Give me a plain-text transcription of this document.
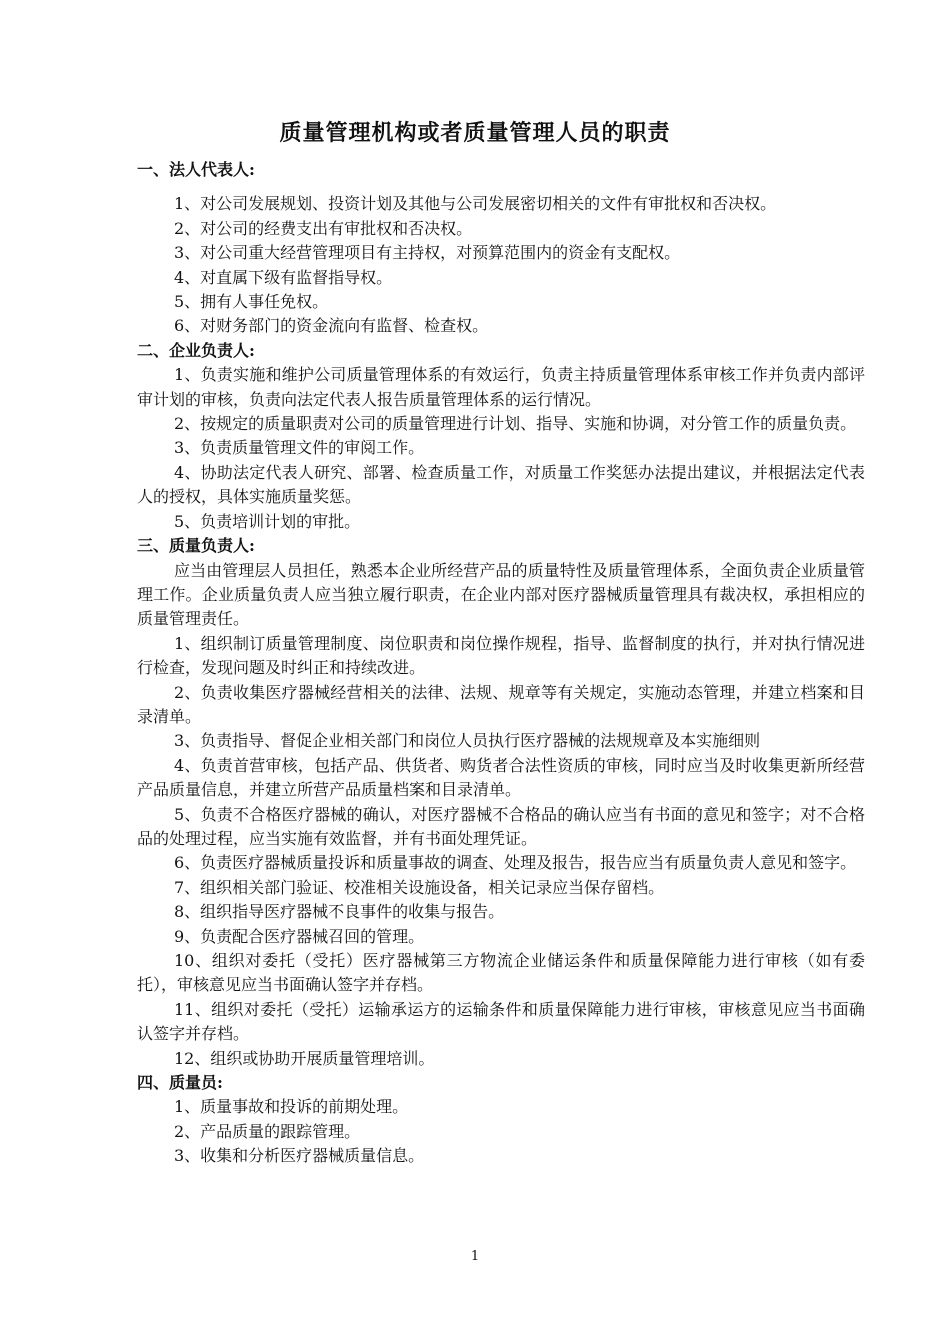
质量管理机构或者质量管理人员的职责

一、法人代表人:

1、对公司发展规划、投资计划及其他与公司发展密切相关的文件有审批权和否决权。

2、对公司的经费支出有审批权和否决权。

3、对公司重大经营管理项目有主持权，对预算范围内的资金有支配权。

4、对直属下级有监督指导权。

5、拥有人事任免权。

6、对财务部门的资金流向有监督、检查权。

二、企业负责人:

1、负责实施和维护公司质量管理体系的有效运行，负责主持质量管理体系审核工作并负责内部评审计划的审核，负责向法定代表人报告质量管理体系的运行情况。

2、按规定的质量职责对公司的质量管理进行计划、指导、实施和协调，对分管工作的质量负责。

3、负责质量管理文件的审阅工作。

4、协助法定代表人研究、部署、检查质量工作，对质量工作奖惩办法提出建议，并根据法定代表人的授权，具体实施质量奖惩。

5、负责培训计划的审批。

三、质量负责人:

应当由管理层人员担任，熟悉本企业所经营产品的质量特性及质量管理体系，全面负责企业质量管理工作。企业质量负责人应当独立履行职责，在企业内部对医疗器械质量管理具有裁决权，承担相应的质量管理责任。

1、组织制订质量管理制度、岗位职责和岗位操作规程，指导、监督制度的执行，并对执行情况进行检查，发现问题及时纠正和持续改进。

2、负责收集医疗器械经营相关的法律、法规、规章等有关规定，实施动态管理，并建立档案和目录清单。

3、负责指导、督促企业相关部门和岗位人员执行医疗器械的法规规章及本实施细则

4、负责首营审核，包括产品、供货者、购货者合法性资质的审核，同时应当及时收集更新所经营产品质量信息，并建立所营产品质量档案和目录清单。

5、负责不合格医疗器械的确认，对医疗器械不合格品的确认应当有书面的意见和签字；对不合格品的处理过程，应当实施有效监督，并有书面处理凭证。

6、负责医疗器械质量投诉和质量事故的调查、处理及报告，报告应当有质量负责人意见和签字。

7、组织相关部门验证、校准相关设施设备，相关记录应当保存留档。

8、组织指导医疗器械不良事件的收集与报告。

9、负责配合医疗器械召回的管理。

10、组织对委托（受托）医疗器械第三方物流企业储运条件和质量保障能力进行审核（如有委托），审核意见应当书面确认签字并存档。

11、组织对委托（受托）运输承运方的运输条件和质量保障能力进行审核，审核意见应当书面确认签字并存档。

12、组织或协助开展质量管理培训。

四、质量员:

1、质量事故和投诉的前期处理。

2、产品质量的跟踪管理。

3、收集和分析医疗器械质量信息。

1
